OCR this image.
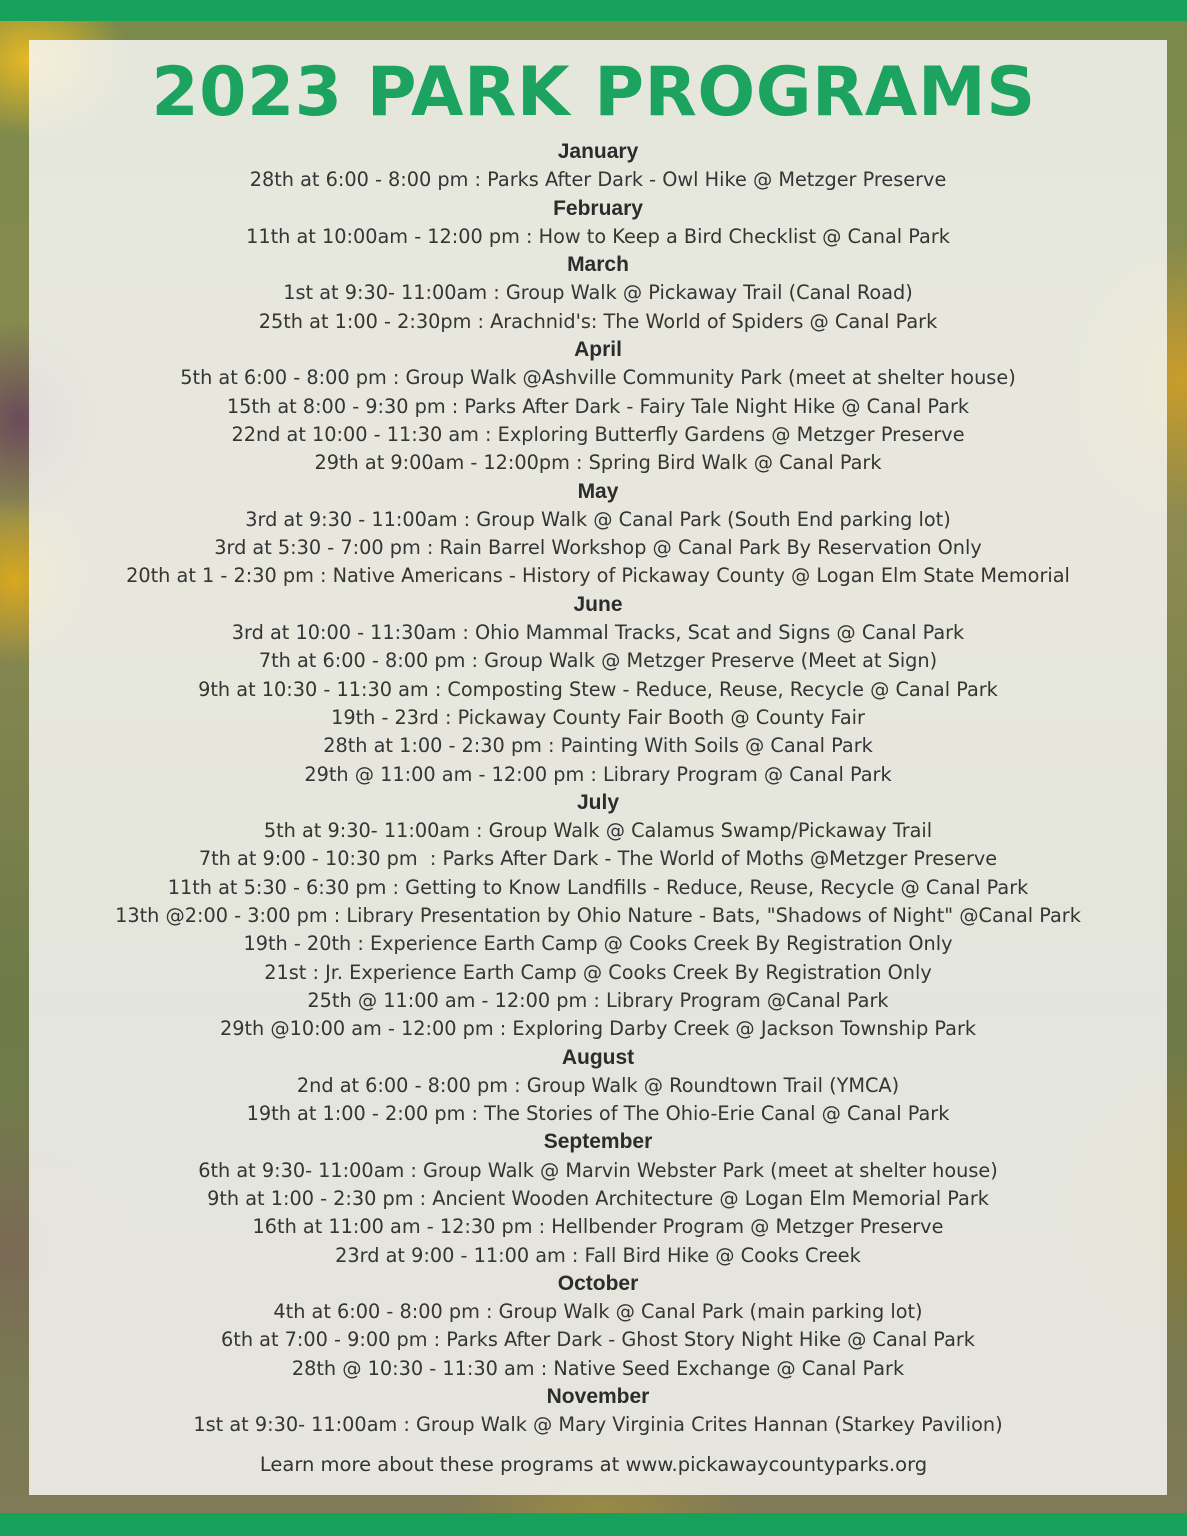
2023 PARK PROGRAMS
January
28th at 6:00 - 8:00 pm : Parks After Dark - Owl Hike @ Metzger Preserve
February
11th at 10:00am - 12:00 pm : How to Keep a Bird Checklist @ Canal Park
March
1st at 9:30- 11:00am : Group Walk @ Pickaway Trail (Canal Road)
25th at 1:00 - 2:30pm : Arachnid's: The World of Spiders @ Canal Park
April
5th at 6:00 - 8:00 pm : Group Walk @Ashville Community Park (meet at shelter house)
15th at 8:00 - 9:30 pm : Parks After Dark - Fairy Tale Night Hike @ Canal Park
22nd at 10:00 - 11:30 am : Exploring Butterfly Gardens @ Metzger Preserve
29th at 9:00am - 12:00pm : Spring Bird Walk @ Canal Park
May
3rd at 9:30 - 11:00am : Group Walk @ Canal Park (South End parking lot)
3rd at 5:30 - 7:00 pm : Rain Barrel Workshop @ Canal Park By Reservation Only
20th at 1 - 2:30 pm : Native Americans - History of Pickaway County @ Logan Elm State Memorial
June
3rd at 10:00 - 11:30am : Ohio Mammal Tracks, Scat and Signs @ Canal Park
7th at 6:00 - 8:00 pm : Group Walk @ Metzger Preserve (Meet at Sign)
9th at 10:30 - 11:30 am : Composting Stew - Reduce, Reuse, Recycle @ Canal Park
19th - 23rd : Pickaway County Fair Booth @ County Fair
28th at 1:00 - 2:30 pm : Painting With Soils @ Canal Park
29th @ 11:00 am - 12:00 pm : Library Program @ Canal Park
July
5th at 9:30- 11:00am : Group Walk @ Calamus Swamp/Pickaway Trail
7th at 9:00 - 10:30 pm  : Parks After Dark - The World of Moths @Metzger Preserve
11th at 5:30 - 6:30 pm : Getting to Know Landfills - Reduce, Reuse, Recycle @ Canal Park
13th @2:00 - 3:00 pm : Library Presentation by Ohio Nature - Bats, "Shadows of Night" @Canal Park
19th - 20th : Experience Earth Camp @ Cooks Creek By Registration Only
21st : Jr. Experience Earth Camp @ Cooks Creek By Registration Only
25th @ 11:00 am - 12:00 pm : Library Program @Canal Park
29th @10:00 am - 12:00 pm : Exploring Darby Creek @ Jackson Township Park
August
2nd at 6:00 - 8:00 pm : Group Walk @ Roundtown Trail (YMCA)
19th at 1:00 - 2:00 pm : The Stories of The Ohio-Erie Canal @ Canal Park
September
6th at 9:30- 11:00am : Group Walk @ Marvin Webster Park (meet at shelter house)
9th at 1:00 - 2:30 pm : Ancient Wooden Architecture @ Logan Elm Memorial Park
16th at 11:00 am - 12:30 pm : Hellbender Program @ Metzger Preserve
23rd at 9:00 - 11:00 am : Fall Bird Hike @ Cooks Creek
October
4th at 6:00 - 8:00 pm : Group Walk @ Canal Park (main parking lot)
6th at 7:00 - 9:00 pm : Parks After Dark - Ghost Story Night Hike @ Canal Park
28th @ 10:30 - 11:30 am : Native Seed Exchange @ Canal Park
November
1st at 9:30- 11:00am : Group Walk @ Mary Virginia Crites Hannan (Starkey Pavilion)
Learn more about these programs at www.pickawaycountyparks.org
